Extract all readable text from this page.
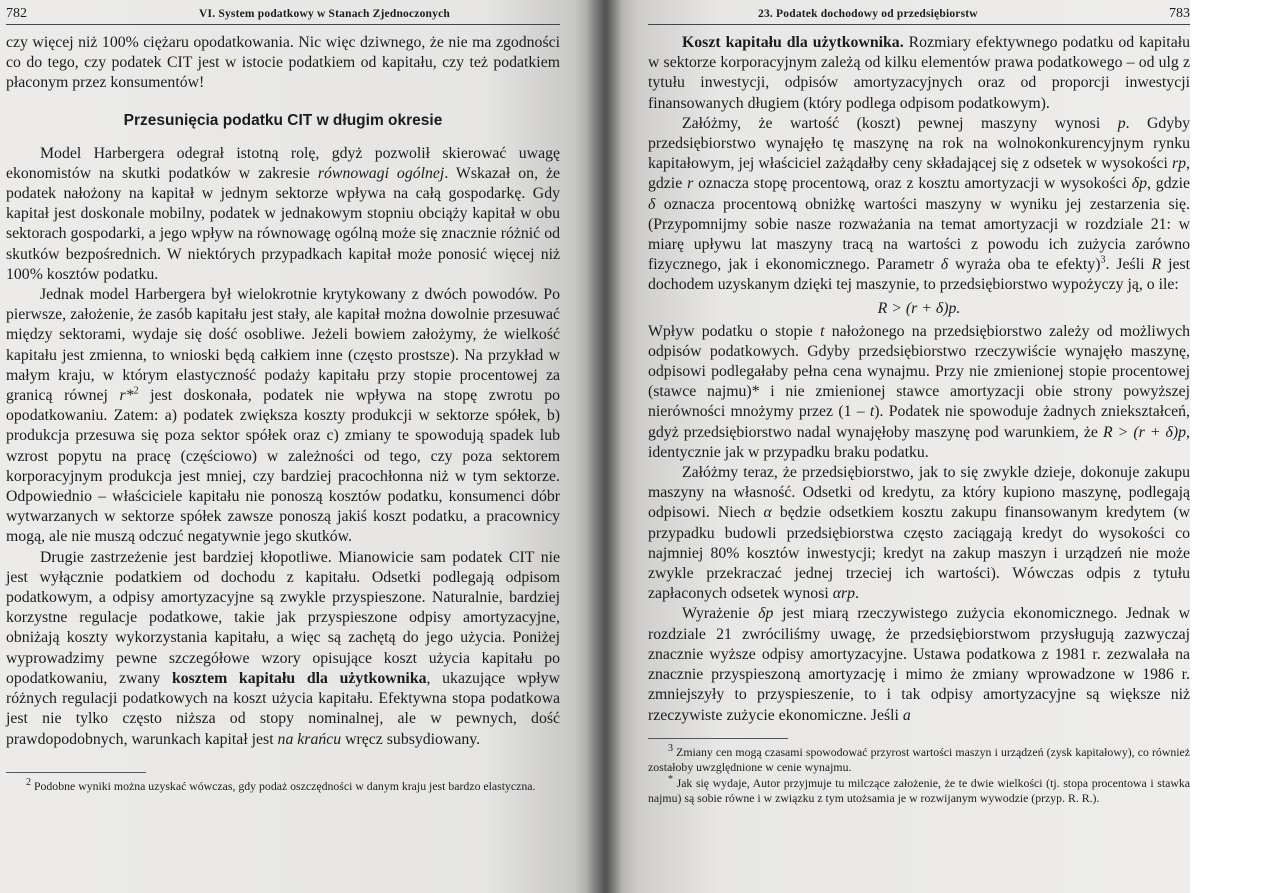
782	VI. System podatkowy w Stanach Zjednoczonych

czy więcej niż 100% ciężaru opodatkowania. Nic więc dziwnego, że nie ma zgodności co do tego, czy podatek CIT jest w istocie podatkiem od kapitału, czy też podatkiem płaconym przez konsumentów!

Przesunięcia podatku CIT w długim okresie

Model Harbergera odegrał istotną rolę, gdyż pozwolił skierować uwagę ekonomistów na skutki podatków w zakresie równowagi ogólnej. Wskazał on, że podatek nałożony na kapitał w jednym sektorze wpływa na całą gospodarkę. Gdy kapitał jest doskonale mobilny, podatek w jednakowym stopniu obciąży kapitał w obu sektorach gospodarki, a jego wpływ na równowagę ogólną może się znacznie różnić od skutków bezpośrednich. W niektórych przypadkach kapitał może ponosić więcej niż 100% kosztów podatku.

Jednak model Harbergera był wielokrotnie krytykowany z dwóch powodów. Po pierwsze, założenie, że zasób kapitału jest stały, ale kapitał można dowolnie przesuwać między sektorami, wydaje się dość osobliwe. Jeżeli bowiem założymy, że wielkość kapitału jest zmienna, to wnioski będą całkiem inne (często prostsze). Na przykład w małym kraju, w którym elastyczność podaży kapitału przy stopie procentowej za granicą równej r*$^2$ jest doskonała, podatek nie wpływa na stopę zwrotu po opodatkowaniu. Zatem: a) podatek zwiększa koszty produkcji w sektorze spółek, b) produkcja przesuwa się poza sektor spółek oraz c) zmiany te spowodują spadek lub wzrost popytu na pracę (częściowo) w zależności od tego, czy poza sektorem korporacyjnym produkcja jest mniej, czy bardziej pracochłonna niż w tym sektorze. Odpowiednio – właściciele kapitału nie ponoszą kosztów podatku, konsumenci dóbr wytwarzanych w sektorze spółek zawsze ponoszą jakiś koszt podatku, a pracownicy mogą, ale nie muszą odczuć negatywnie jego skutków.

Drugie zastrzeżenie jest bardziej kłopotliwe. Mianowicie sam podatek CIT nie jest wyłącznie podatkiem od dochodu z kapitału. Odsetki podlegają odpisom podatkowym, a odpisy amortyzacyjne są zwykle przyspieszone. Naturalnie, bardziej korzystne regulacje podatkowe, takie jak przyspieszone odpisy amortyzacyjne, obniżają koszty wykorzystania kapitału, a więc są zachętą do jego użycia. Poniżej wyprowadzimy pewne szczegółowe wzory opisujące koszt użycia kapitału po opodatkowaniu, zwany kosztem kapitału dla użytkownika, ukazujące wpływ różnych regulacji podatkowych na koszt użycia kapitału. Efektywna stopa podatkowa jest nie tylko często niższa od stopy nominalnej, ale w pewnych, dość prawdopodobnych, warunkach kapitał jest na krańcu wręcz subsydiowany.

$^2$ Podobne wyniki można uzyskać wówczas, gdy podaż oszczędności w danym kraju jest bardzo elastyczna.

23. Podatek dochodowy od przedsiębiorstw	783

Koszt kapitału dla użytkownika. Rozmiary efektywnego podatku od kapitału w sektorze korporacyjnym zależą od kilku elementów prawa podatkowego – od ulg z tytułu inwestycji, odpisów amortyzacyjnych oraz od proporcji inwestycji finansowanych długiem (który podlega odpisom podatkowym).

Załóżmy, że wartość (koszt) pewnej maszyny wynosi p. Gdyby przedsiębiorstwo wynajęło tę maszynę na rok na wolnokonkurencyjnym rynku kapitałowym, jej właściciel zażądałby ceny składającej się z odsetek w wysokości rp, gdzie r oznacza stopę procentową, oraz z kosztu amortyzacji w wysokości δp, gdzie δ oznacza procentową obniżkę wartości maszyny w wyniku jej zestarzenia się. (Przypomnijmy sobie nasze rozważania na temat amortyzacji w rozdziale 21: w miarę upływu lat maszyny tracą na wartości z powodu ich zużycia zarówno fizycznego, jak i ekonomicznego. Parametr δ wyraża oba te efekty)$^3$. Jeśli R jest dochodem uzyskanym dzięki tej maszynie, to przedsiębiorstwo wypożyczy ją, o ile:

R > (r + δ)p.

Wpływ podatku o stopie t nałożonego na przedsiębiorstwo zależy od możliwych odpisów podatkowych. Gdyby przedsiębiorstwo rzeczywiście wynajęło maszynę, odpisowi podlegałaby pełna cena wynajmu. Przy nie zmienionej stopie procentowej (stawce najmu)* i nie zmienionej stawce amortyzacji obie strony powyższej nierówności mnożymy przez (1 – t). Podatek nie spowoduje żadnych zniekształceń, gdyż przedsiębiorstwo nadal wynajęłoby maszynę pod warunkiem, że R > (r + δ)p, identycznie jak w przypadku braku podatku.

Załóżmy teraz, że przedsiębiorstwo, jak to się zwykle dzieje, dokonuje zakupu maszyny na własność. Odsetki od kredytu, za który kupiono maszynę, podlegają odpisowi. Niech α będzie odsetkiem kosztu zakupu finansowanym kredytem (w przypadku budowli przedsiębiorstwa często zaciągają kredyt do wysokości co najmniej 80% kosztów inwestycji; kredyt na zakup maszyn i urządzeń nie może zwykle przekraczać jednej trzeciej ich wartości). Wówczas odpis z tytułu zapłaconych odsetek wynosi αrp.

Wyrażenie δp jest miarą rzeczywistego zużycia ekonomicznego. Jednak w rozdziale 21 zwróciliśmy uwagę, że przedsiębiorstwom przysługują zazwyczaj znacznie wyższe odpisy amortyzacyjne. Ustawa podatkowa z 1981 r. zezwalała na znacznie przyspieszoną amortyzację i mimo że zmiany wprowadzone w 1986 r. zmniejszyły to przyspieszenie, to i tak odpisy amortyzacyjne są większe niż rzeczywiste zużycie ekonomiczne. Jeśli a

$^3$ Zmiany cen mogą czasami spowodować przyrost wartości maszyn i urządzeń (zysk kapitałowy), co również zostałoby uwzględnione w cenie wynajmu.

* Jak się wydaje, Autor przyjmuje tu milczące założenie, że te dwie wielkości (tj. stopa procentowa i stawka najmu) są sobie równe i w związku z tym utożsamia je w rozwijanym wywodzie (przyp. R. R.).
